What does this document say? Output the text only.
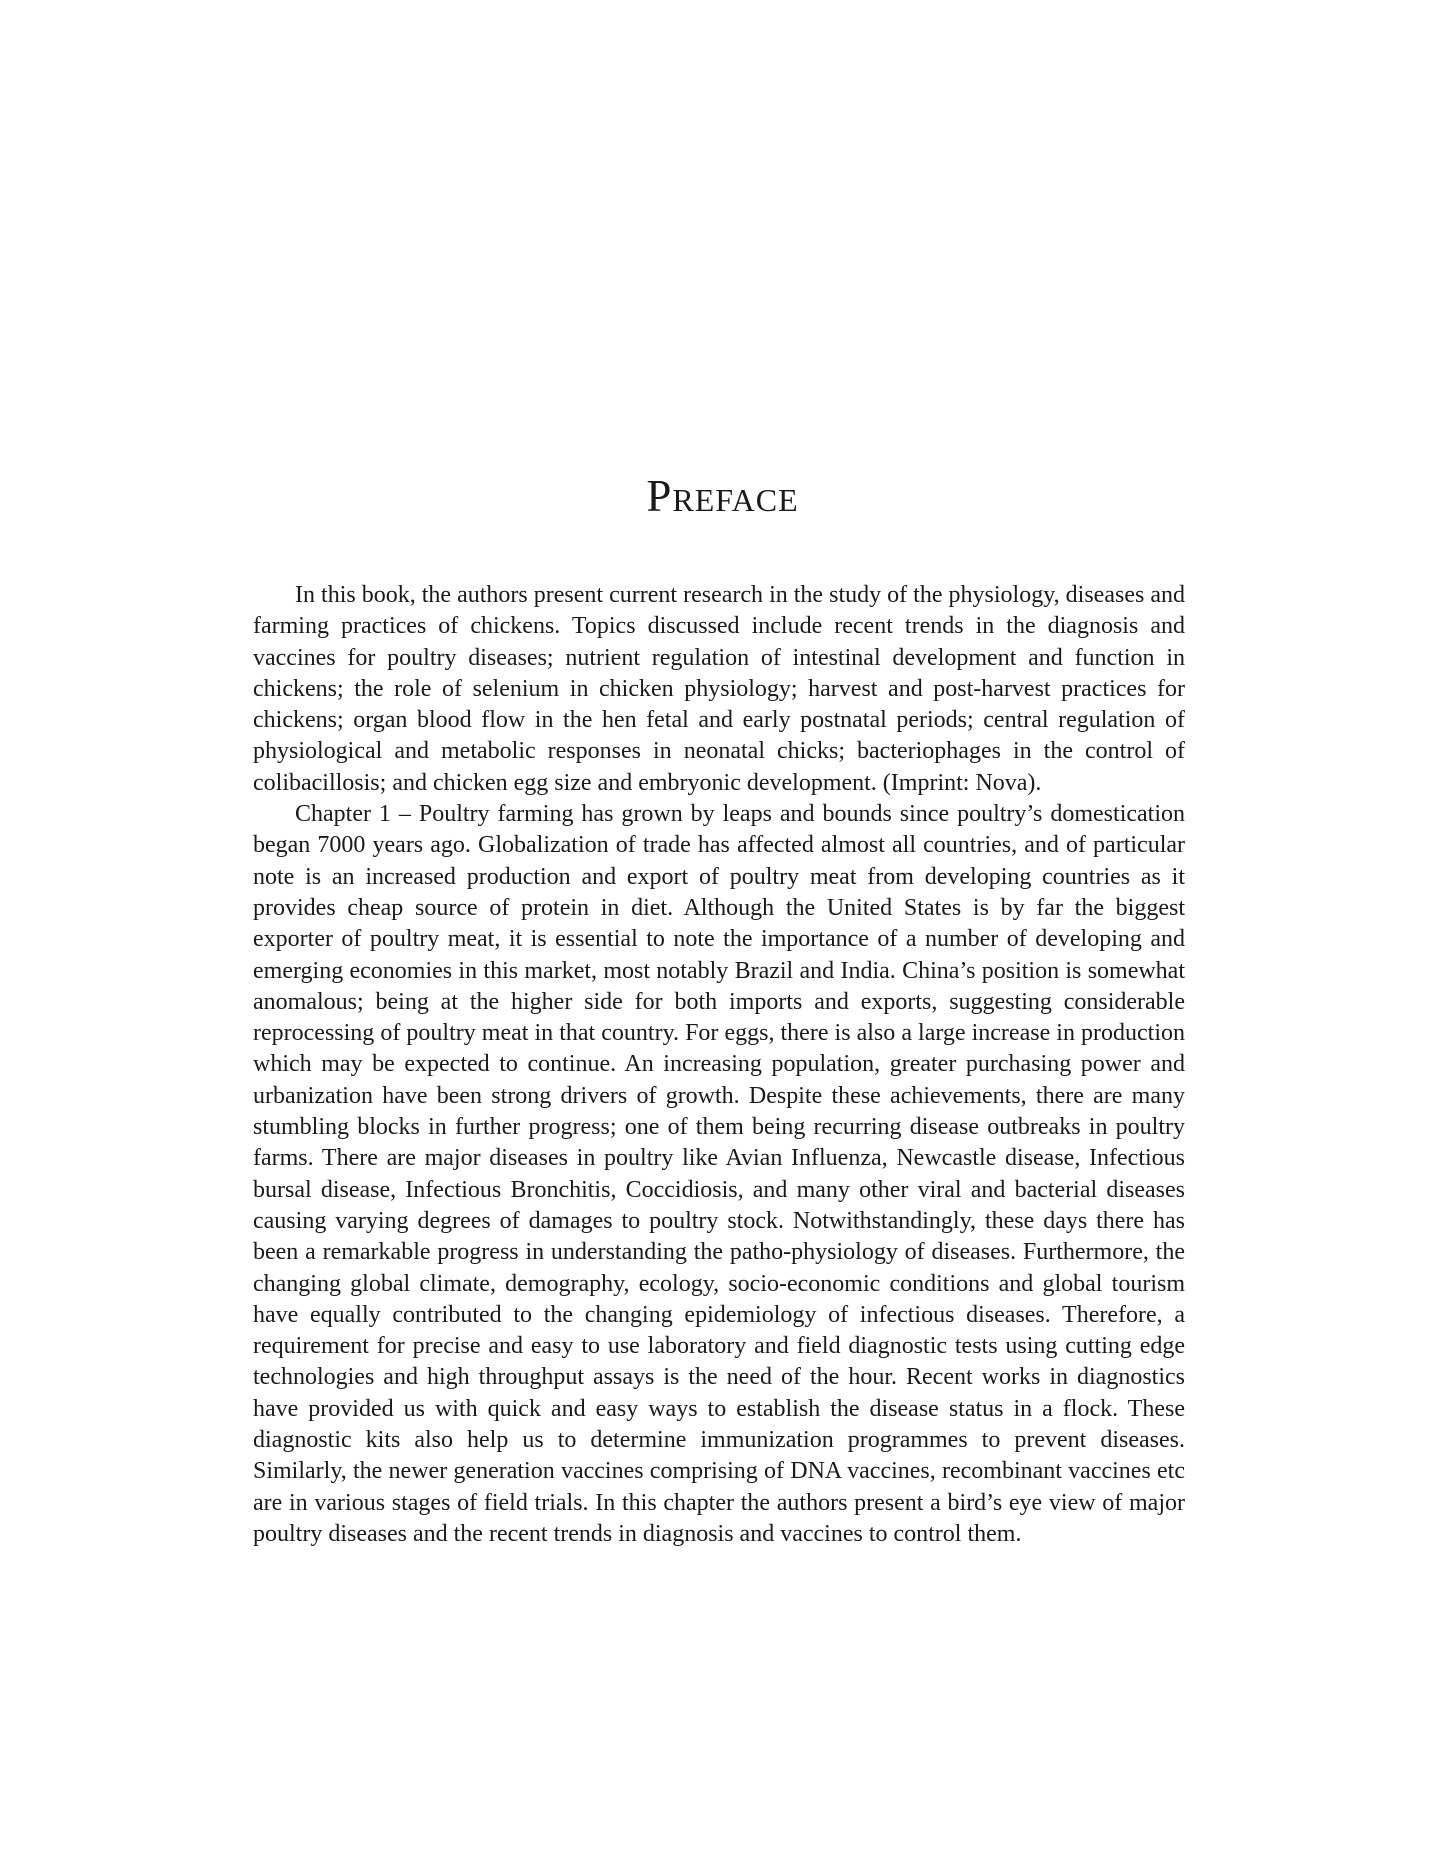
Preface

In this book, the authors present current research in the study of the physiology, diseases and farming practices of chickens. Topics discussed include recent trends in the diagnosis and vaccines for poultry diseases; nutrient regulation of intestinal development and function in chickens; the role of selenium in chicken physiology; harvest and post-harvest practices for chickens; organ blood flow in the hen fetal and early postnatal periods; central regulation of physiological and metabolic responses in neonatal chicks; bacteriophages in the control of colibacillosis; and chicken egg size and embryonic development. (Imprint: Nova).

Chapter 1 – Poultry farming has grown by leaps and bounds since poultry’s domestication began 7000 years ago. Globalization of trade has affected almost all countries, and of particular note is an increased production and export of poultry meat from developing countries as it provides cheap source of protein in diet. Although the United States is by far the biggest exporter of poultry meat, it is essential to note the importance of a number of developing and emerging economies in this market, most notably Brazil and India. China’s position is somewhat anomalous; being at the higher side for both imports and exports, suggesting considerable reprocessing of poultry meat in that country. For eggs, there is also a large increase in production which may be expected to continue. An increasing population, greater purchasing power and urbanization have been strong drivers of growth. Despite these achievements, there are many stumbling blocks in further progress; one of them being recurring disease outbreaks in poultry farms. There are major diseases in poultry like Avian Influenza, Newcastle disease, Infectious bursal disease, Infectious Bronchitis, Coccidiosis, and many other viral and bacterial diseases causing varying degrees of damages to poultry stock. Notwithstandingly, these days there has been a remarkable progress in understanding the patho-physiology of diseases. Furthermore, the changing global climate, demography, ecology, socio-economic conditions and global tourism have equally contributed to the changing epidemiology of infectious diseases. Therefore, a requirement for precise and easy to use laboratory and field diagnostic tests using cutting edge technologies and high throughput assays is the need of the hour. Recent works in diagnostics have provided us with quick and easy ways to establish the disease status in a flock. These diagnostic kits also help us to determine immunization programmes to prevent diseases. Similarly, the newer generation vaccines comprising of DNA vaccines, recombinant vaccines etc are in various stages of field trials. In this chapter the authors present a bird’s eye view of major poultry diseases and the recent trends in diagnosis and vaccines to control them.
